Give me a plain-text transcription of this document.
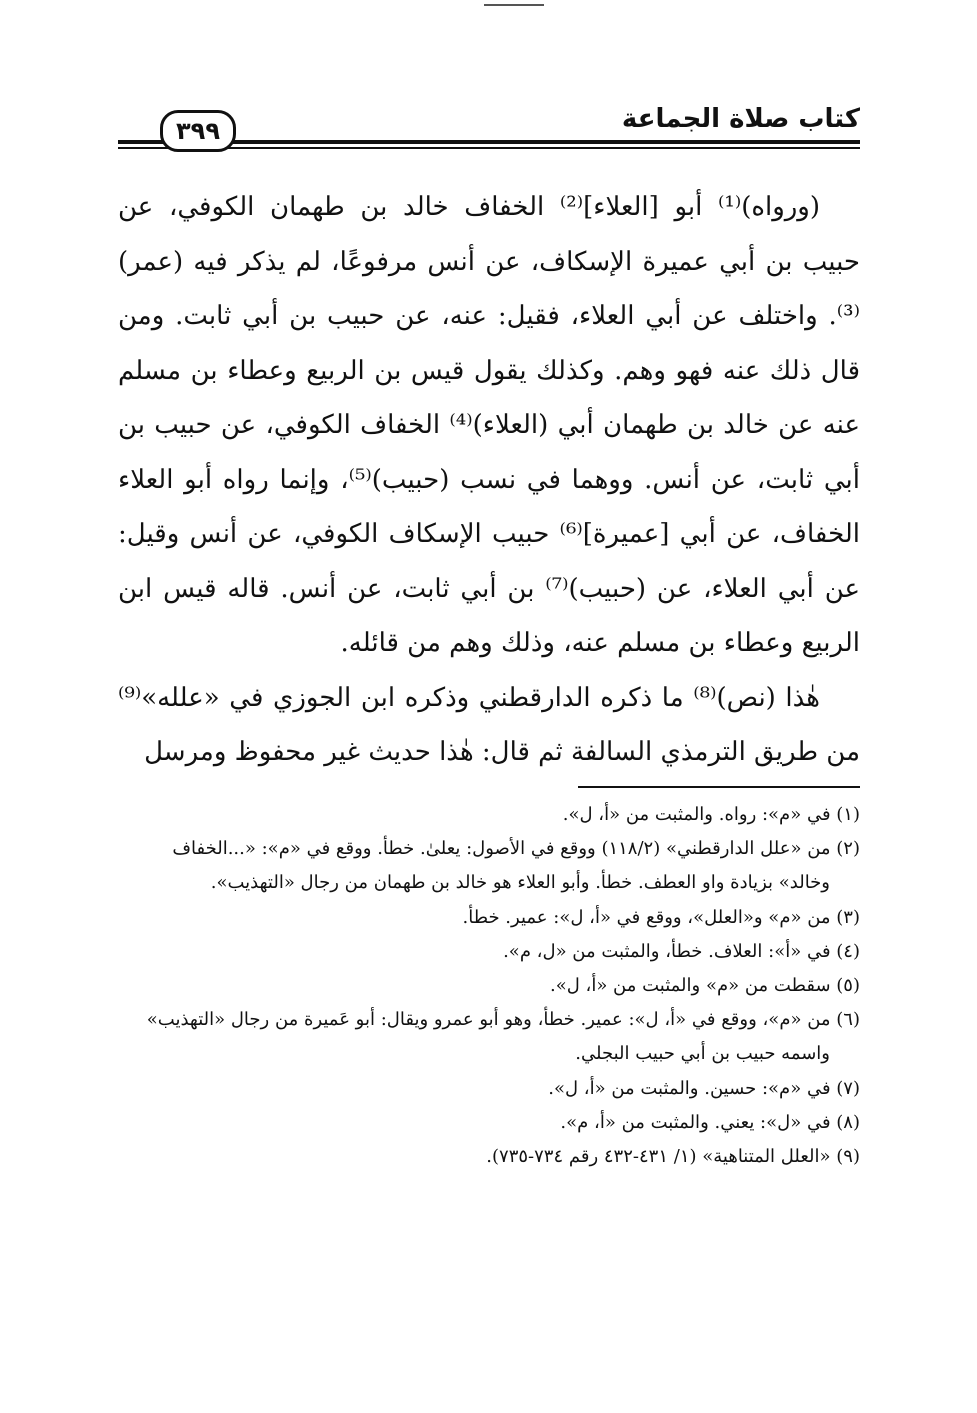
كتاب صلاة الجماعة
٣٩٩

(ورواه)⁽¹⁾ أبو [العلاء]⁽²⁾ الخفاف خالد بن طهمان الكوفي، عن حبيب بن أبي عميرة الإسكاف، عن أنس مرفوعًا، لم يذكر فيه (عمر)⁽³⁾. واختلف عن أبي العلاء، فقيل: عنه، عن حبيب بن أبي ثابت. ومن قال ذلك عنه فهو وهم. وكذلك يقول قيس بن الربيع وعطاء بن مسلم عنه عن خالد بن طهمان أبي (العلاء)⁽⁴⁾ الخفاف الكوفي، عن حبيب بن أبي ثابت، عن أنس. ووهما في نسب (حبيب)⁽⁵⁾، وإنما رواه أبو العلاء الخفاف، عن أبي [عميرة]⁽⁶⁾ حبيب الإسكاف الكوفي، عن أنس وقيل: عن أبي العلاء، عن (حبيب)⁽⁷⁾ بن أبي ثابت، عن أنس. قاله قيس ابن الربيع وعطاء بن مسلم عنه، وذلك وهم من قائله.

هٰذا (نص)⁽⁸⁾ ما ذكره الدارقطني وذكره ابن الجوزي في «علله»⁽⁹⁾ من طريق الترمذي السالفة ثم قال: هٰذا حديث غير محفوظ ومرسل

(١) في «م»: رواه. والمثبت من «أ، ل».

(٢) من «علل الدارقطني» (١١٨/٢) ووقع في الأصول: يعلىٰ. خطأ. ووقع في «م»: «...الخفاف وخالد» بزيادة واو العطف. خطأ. وأبو العلاء هو خالد بن طهمان من رجال «التهذيب».

(٣) من «م» و«العلل»، ووقع في «أ، ل»: عمير. خطأ.

(٤) في «أ»: العلاف. خطأ، والمثبت من «ل، م».

(٥) سقطت من «م» والمثبت من «أ، ل».

(٦) من «م»، ووقع في «أ، ل»: عمير. خطأ، وهو أبو عمرو ويقال: أبو عَميرة من رجال «التهذيب» واسمه حبيب بن أبي حبيب البجلي.

(٧) في «م»: حسين. والمثبت من «أ، ل».

(٨) في «ل»: يعني. والمثبت من «أ، م».

(٩) «العلل المتناهية» (١/ ٤٣١-٤٣٢ رقم ٧٣٤-٧٣٥).
